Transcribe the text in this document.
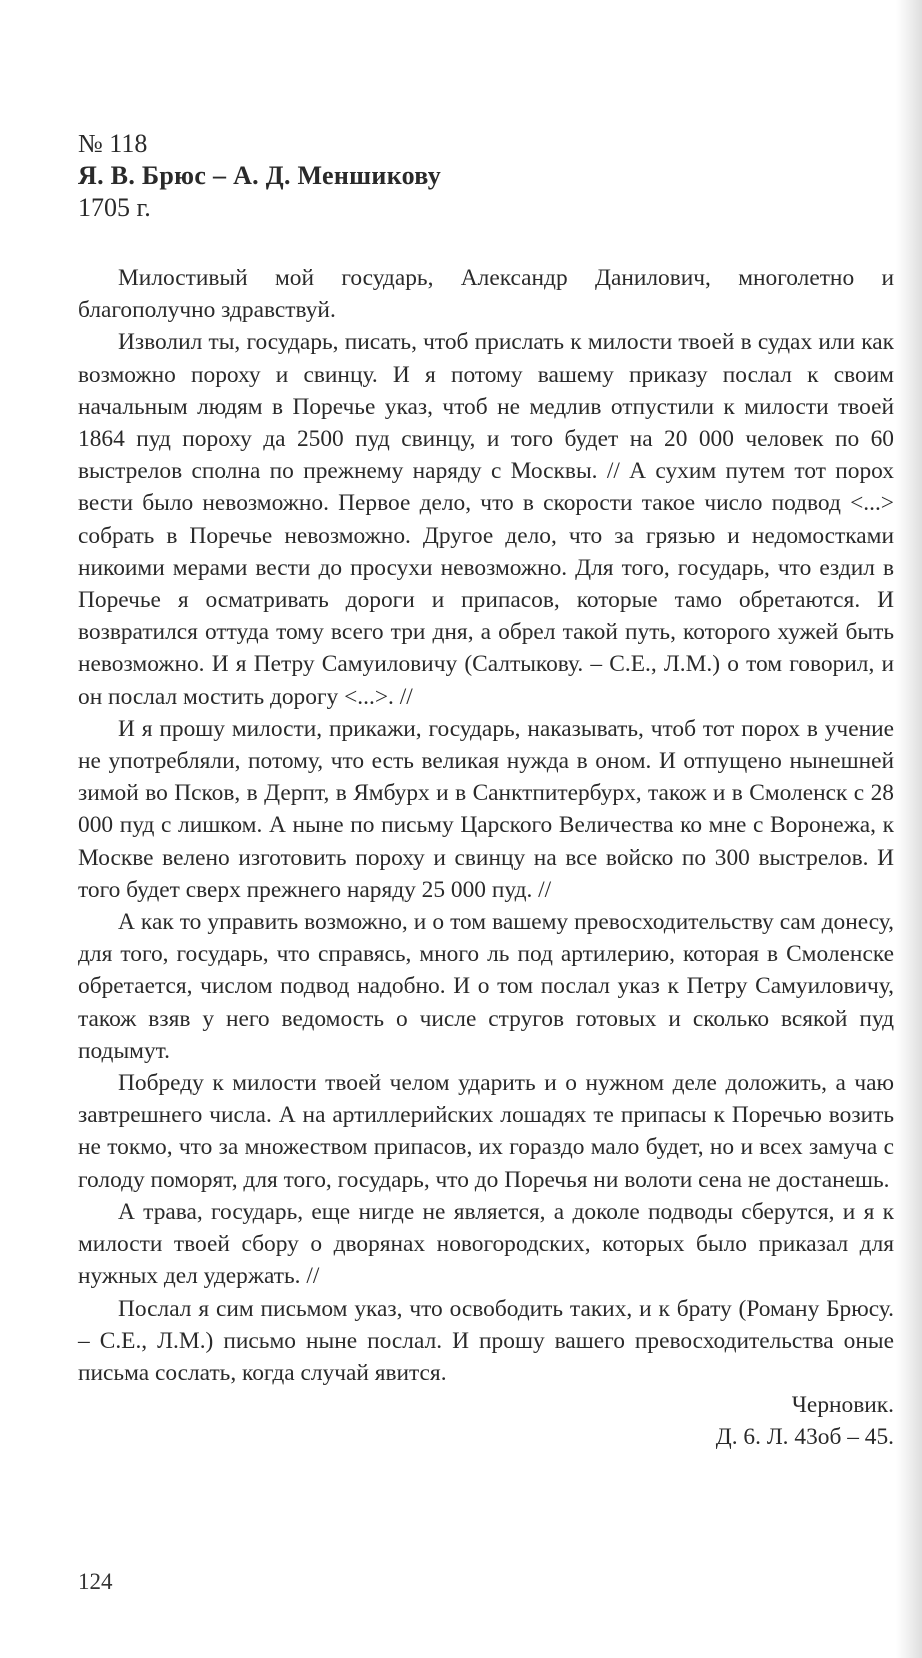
№ 118

Я. В. Брюс – А. Д. Меншикову

1705 г.

Милостивый мой государь, Александр Данилович, многолетно и благополучно здравствуй.

Изволил ты, государь, писать, чтоб прислать к милости твоей в судах или как возможно пороху и свинцу. И я потому вашему приказу послал к своим начальным людям в Поречье указ, чтоб не медлив отпустили к милости твоей 1864 пуд пороху да 2500 пуд свинцу, и того будет на 20 000 человек по 60 выстрелов сполна по прежнему наряду с Москвы. // А сухим путем тот порох вести было невозможно. Первое дело, что в скорости такое число подвод <...> собрать в Поречье невозможно. Другое дело, что за грязью и недомостками никоими мерами вести до просухи невозможно. Для того, государь, что ездил в Поречье я осматривать дороги и припасов, которые тамо обретаются. И возвратился оттуда тому всего три дня, а обрел такой путь, которого хужей быть невозможно. И я Петру Самуиловичу (Салтыкову. – С.Е., Л.М.) о том говорил, и он послал мостить дорогу <...>. //

И я прошу милости, прикажи, государь, наказывать, чтоб тот порох в учение не употребляли, потому, что есть великая нужда в оном. И отпущено нынешней зимой во Псков, в Дерпт, в Ямбурх и в Санктпитербурх, також и в Смоленск с 28 000 пуд с лишком. А ныне по письму Царского Величества ко мне с Воронежа, к Москве велено изготовить пороху и свинцу на все войско по 300 выстрелов. И того будет сверх прежнего наряду 25 000 пуд. //

А как то управить возможно, и о том вашему превосходительству сам донесу, для того, государь, что справясь, много ль под артилерию, которая в Смоленске обретается, числом подвод надобно. И о том послал указ к Петру Самуиловичу, також взяв у него ведомость о числе стругов готовых и сколько всякой пуд подымут.

Побреду к милости твоей челом ударить и о нужном деле доложить, а чаю завтрешнего числа. А на артиллерийских лошадях те припасы к Поречью возить не токмо, что за множеством припасов, их гораздо мало будет, но и всех замуча с голоду поморят, для того, государь, что до Поречья ни волоти сена не достанешь.

А трава, государь, еще нигде не является, а доколе подводы сберутся, и я к милости твоей сбору о дворянах новогородских, которых было приказал для нужных дел удержать. //

Послал я сим письмом указ, что освободить таких, и к брату (Роману Брюсу. – С.Е., Л.М.) письмо ныне послал. И прошу вашего превосходительства оные письма сослать, когда случай явится.

Черновик.

Д. 6. Л. 43об – 45.

124
